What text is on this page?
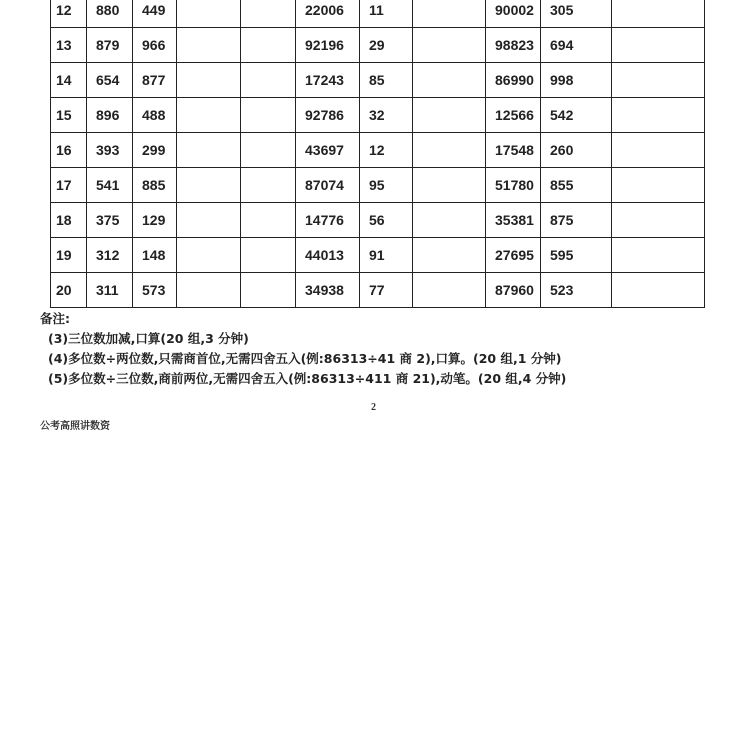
12	880	449			22006	11		90002	305	
13	879	966			92196	29		98823	694	
14	654	877			17243	85		86990	998	
15	896	488			92786	32		12566	542	
16	393	299			43697	12		17548	260	
17	541	885			87074	95		51780	855	
18	375	129			14776	56		35381	875	
19	312	148			44013	91		27695	595	
20	311	573			34938	77		87960	523	
备注:
(3)三位数加减,口算(20 组,3 分钟)
(4)多位数÷两位数,只需商首位,无需四舍五入(例:86313÷41 商 2),口算。(20 组,1 分钟)
(5)多位数÷三位数,商前两位,无需四舍五入(例:86313÷411 商 21),动笔。(20 组,4 分钟)
2
公考高照讲数资
